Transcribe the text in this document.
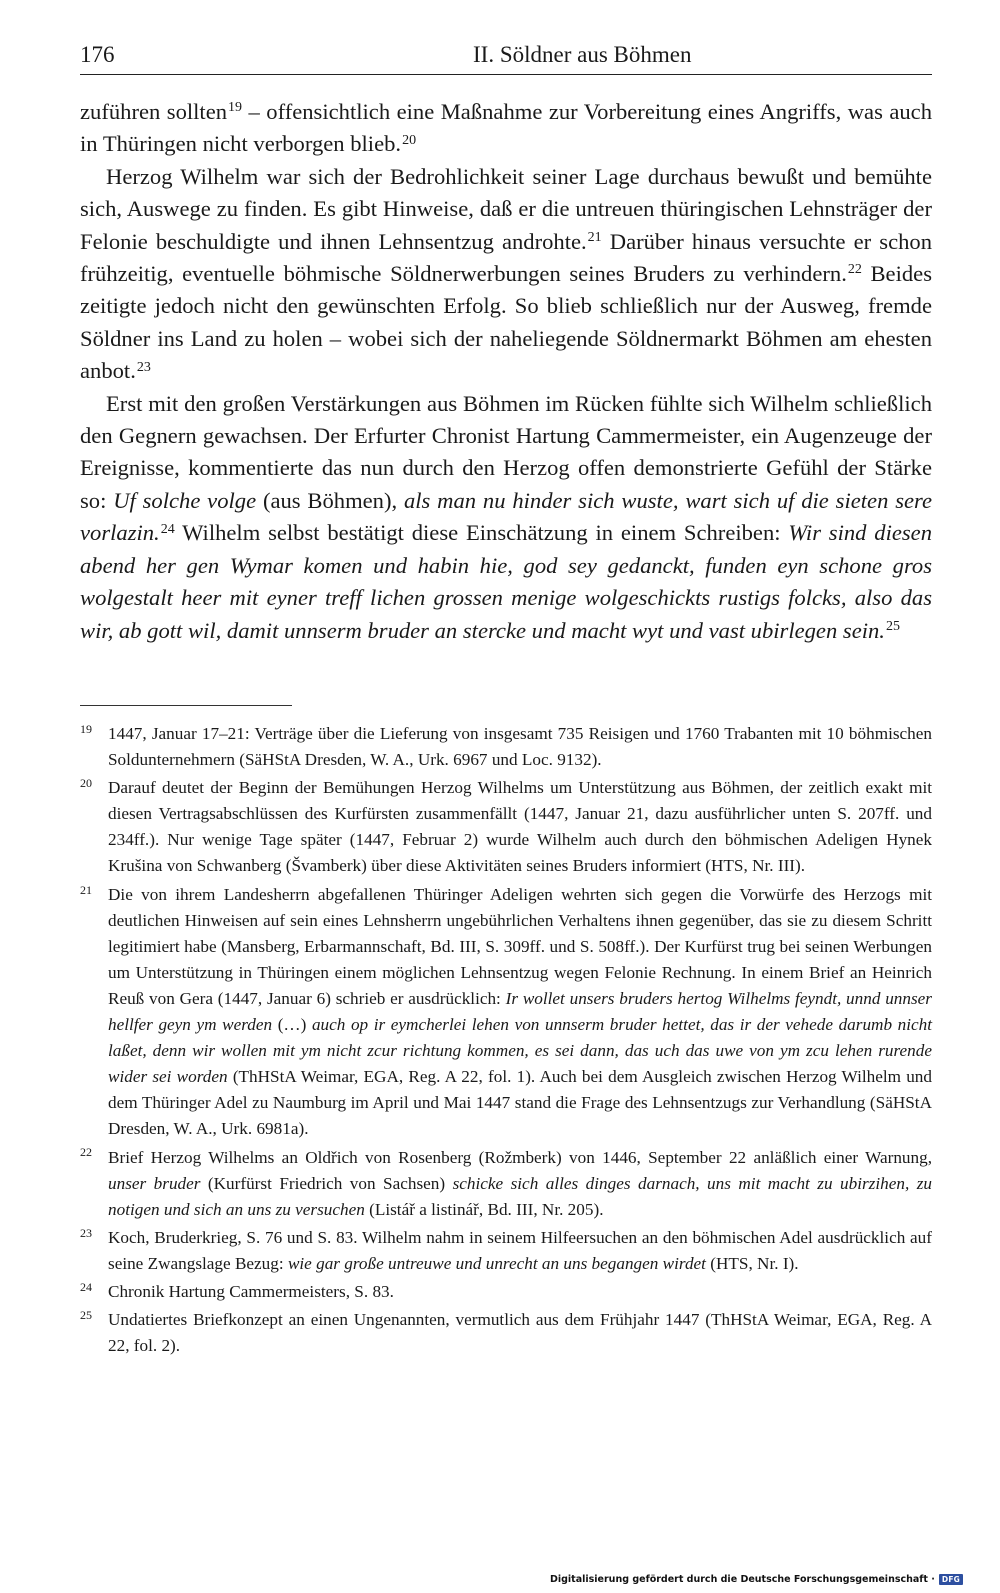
176	II. Söldner aus Böhmen

zuführen sollten$^{19}$ – offensichtlich eine Maßnahme zur Vorbereitung eines Angriffs, was auch in Thüringen nicht verborgen blieb.$^{20}$

Herzog Wilhelm war sich der Bedrohlichkeit seiner Lage durchaus bewußt und bemühte sich, Auswege zu finden. Es gibt Hinweise, daß er die untreuen thüringischen Lehnsträger der Felonie beschuldigte und ihnen Lehnsentzug androhte.$^{21}$ Darüber hinaus versuchte er schon frühzeitig, eventuelle böhmische Söldnerwerbungen seines Bruders zu verhindern.$^{22}$ Beides zeitigte jedoch nicht den gewünschten Erfolg. So blieb schließlich nur der Ausweg, fremde Söldner ins Land zu holen – wobei sich der naheliegende Söldnermarkt Böhmen am ehesten anbot.$^{23}$

Erst mit den großen Verstärkungen aus Böhmen im Rücken fühlte sich Wilhelm schließlich den Gegnern gewachsen. Der Erfurter Chronist Hartung Cammermeister, ein Augenzeuge der Ereignisse, kommentierte das nun durch den Herzog offen demonstrierte Gefühl der Stärke so: Uf solche volge (aus Böhmen), als man nu hinder sich wuste, wart sich uf die sieten sere vorlazin.$^{24}$ Wilhelm selbst bestätigt diese Einschätzung in einem Schreiben: Wir sind diesen abend her gen Wymar komen und habin hie, god sey gedanckt, funden eyn schone gros wolgestalt heer mit eyner treff lichen grossen menige wolgeschickts rustigs folcks, also das wir, ab gott wil, damit unnserm bruder an stercke und macht wyt und vast ubirlegen sein.$^{25}$

$^{19}$ 1447, Januar 17–21: Verträge über die Lieferung von insgesamt 735 Reisigen und 1760 Trabanten mit 10 böhmischen Soldunternehmern (SäHStA Dresden, W. A., Urk. 6967 und Loc. 9132).
$^{20}$ Darauf deutet der Beginn der Bemühungen Herzog Wilhelms um Unterstützung aus Böhmen, der zeitlich exakt mit diesen Vertragsabschlüssen des Kurfürsten zusammenfällt (1447, Januar 21, dazu ausführlicher unten S. 207ff. und 234ff.). Nur wenige Tage später (1447, Februar 2) wurde Wilhelm auch durch den böhmischen Adeligen Hynek Krušina von Schwanberg (Švamberk) über diese Aktivitäten seines Bruders informiert (HTS, Nr. III).
$^{21}$ Die von ihrem Landesherrn abgefallenen Thüringer Adeligen wehrten sich gegen die Vorwürfe des Herzogs mit deutlichen Hinweisen auf sein eines Lehnsherrn ungebührlichen Verhaltens ihnen gegenüber, das sie zu diesem Schritt legitimiert habe (Mansberg, Erbarmannschaft, Bd. III, S. 309ff. und S. 508ff.). Der Kurfürst trug bei seinen Werbungen um Unterstützung in Thüringen einem möglichen Lehnsentzug wegen Felonie Rechnung. In einem Brief an Heinrich Reuß von Gera (1447, Januar 6) schrieb er ausdrücklich: Ir wollet unsers bruders hertog Wilhelms feyndt, unnd unnser hellfer geyn ym werden (…) auch op ir eymcherlei lehen von unnserm bruder hettet, das ir der vehede darumb nicht laßet, denn wir wollen mit ym nicht zcur richtung kommen, es sei dann, das uch das uwe von ym zcu lehen rurende wider sei worden (ThHStA Weimar, EGA, Reg. A 22, fol. 1). Auch bei dem Ausgleich zwischen Herzog Wilhelm und dem Thüringer Adel zu Naumburg im April und Mai 1447 stand die Frage des Lehnsentzugs zur Verhandlung (SäHStA Dresden, W. A., Urk. 6981a).
$^{22}$ Brief Herzog Wilhelms an Oldřich von Rosenberg (Rožmberk) von 1446, September 22 anläßlich einer Warnung, unser bruder (Kurfürst Friedrich von Sachsen) schicke sich alles dinges darnach, uns mit macht zu ubirzihen, zu notigen und sich an uns zu versuchen (Listář a listinář, Bd. III, Nr. 205).
$^{23}$ Koch, Bruderkrieg, S. 76 und S. 83. Wilhelm nahm in seinem Hilfeersuchen an den böhmischen Adel ausdrücklich auf seine Zwangslage Bezug: wie gar große untreuwe und unrecht an uns begangen wirdet (HTS, Nr. I).
$^{24}$ Chronik Hartung Cammermeisters, S. 83.
$^{25}$ Undatiertes Briefkonzept an einen Ungenannten, vermutlich aus dem Frühjahr 1447 (ThHStA Weimar, EGA, Reg. A 22, fol. 2).
Digitalisierung gefördert durch die Deutsche Forschungsgemeinschaft · DFG
